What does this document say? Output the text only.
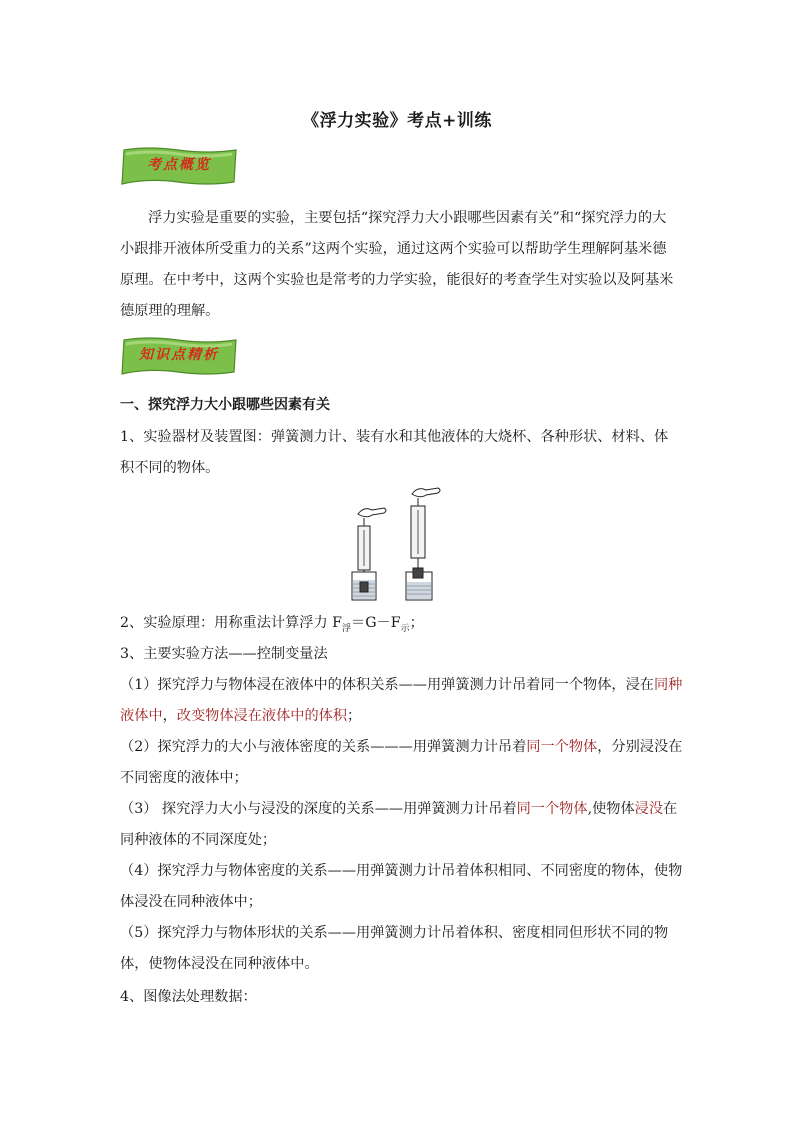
《浮力实验》考点+训练
考点概览
浮力实验是重要的实验，主要包括“探究浮力大小跟哪些因素有关”和“探究浮力的大小跟排开液体所受重力的关系”这两个实验，通过这两个实验可以帮助学生理解阿基米德原理。在中考中，这两个实验也是常考的力学实验，能很好的考查学生对实验以及阿基米德原理的理解。
知识点精析
一、探究浮力大小跟哪些因素有关
1、实验器材及装置图：弹簧测力计、装有水和其他液体的大烧杯、各种形状、材料、体积不同的物体。
2、实验原理：用称重法计算浮力 $F_浮=G-F_示$；
3、主要实验方法——控制变量法
（1）探究浮力与物体浸在液体中的体积关系——用弹簧测力计吊着同一个物体，浸在同种
液体中，改变物体浸在液体中的体积；
（2）探究浮力的大小与液体密度的关系———用弹簧测力计吊着同一个物体，分别浸没在
不同密度的液体中；
（3） 探究浮力大小与浸没的深度的关系——用弹簧测力计吊着同一个物体,使物体浸没在
同种液体的不同深度处；
（4）探究浮力与物体密度的关系——用弹簧测力计吊着体积相同、不同密度的物体，使物
体浸没在同种液体中；
（5）探究浮力与物体形状的关系——用弹簧测力计吊着体积、密度相同但形状不同的物
体，使物体浸没在同种液体中。
4、图像法处理数据：
